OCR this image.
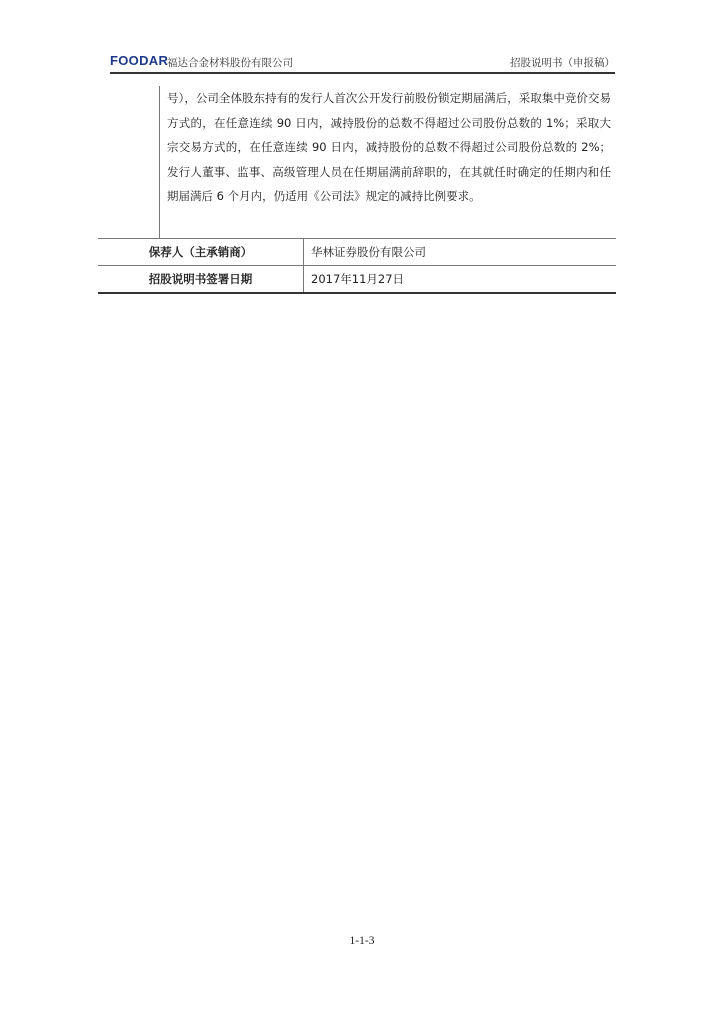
FOODAR
福达合金材料股份有限公司	招股说明书（申报稿）
号），公司全体股东持有的发行人首次公开发行前股份锁定期届满后，采取集中竞价交易方式的，在任意连续 90 日内，减持股份的总数不得超过公司股份总数的 1%；采取大宗交易方式的，在任意连续 90 日内，减持股份的总数不得超过公司股份总数的 2%；发行人董事、监事、高级管理人员在任期届满前辞职的，在其就任时确定的任期内和任期届满后 6 个月内，仍适用《公司法》规定的减持比例要求。
保荐人（主承销商）	华林证券股份有限公司
招股说明书签署日期	2017年11月27日
1-1-3
